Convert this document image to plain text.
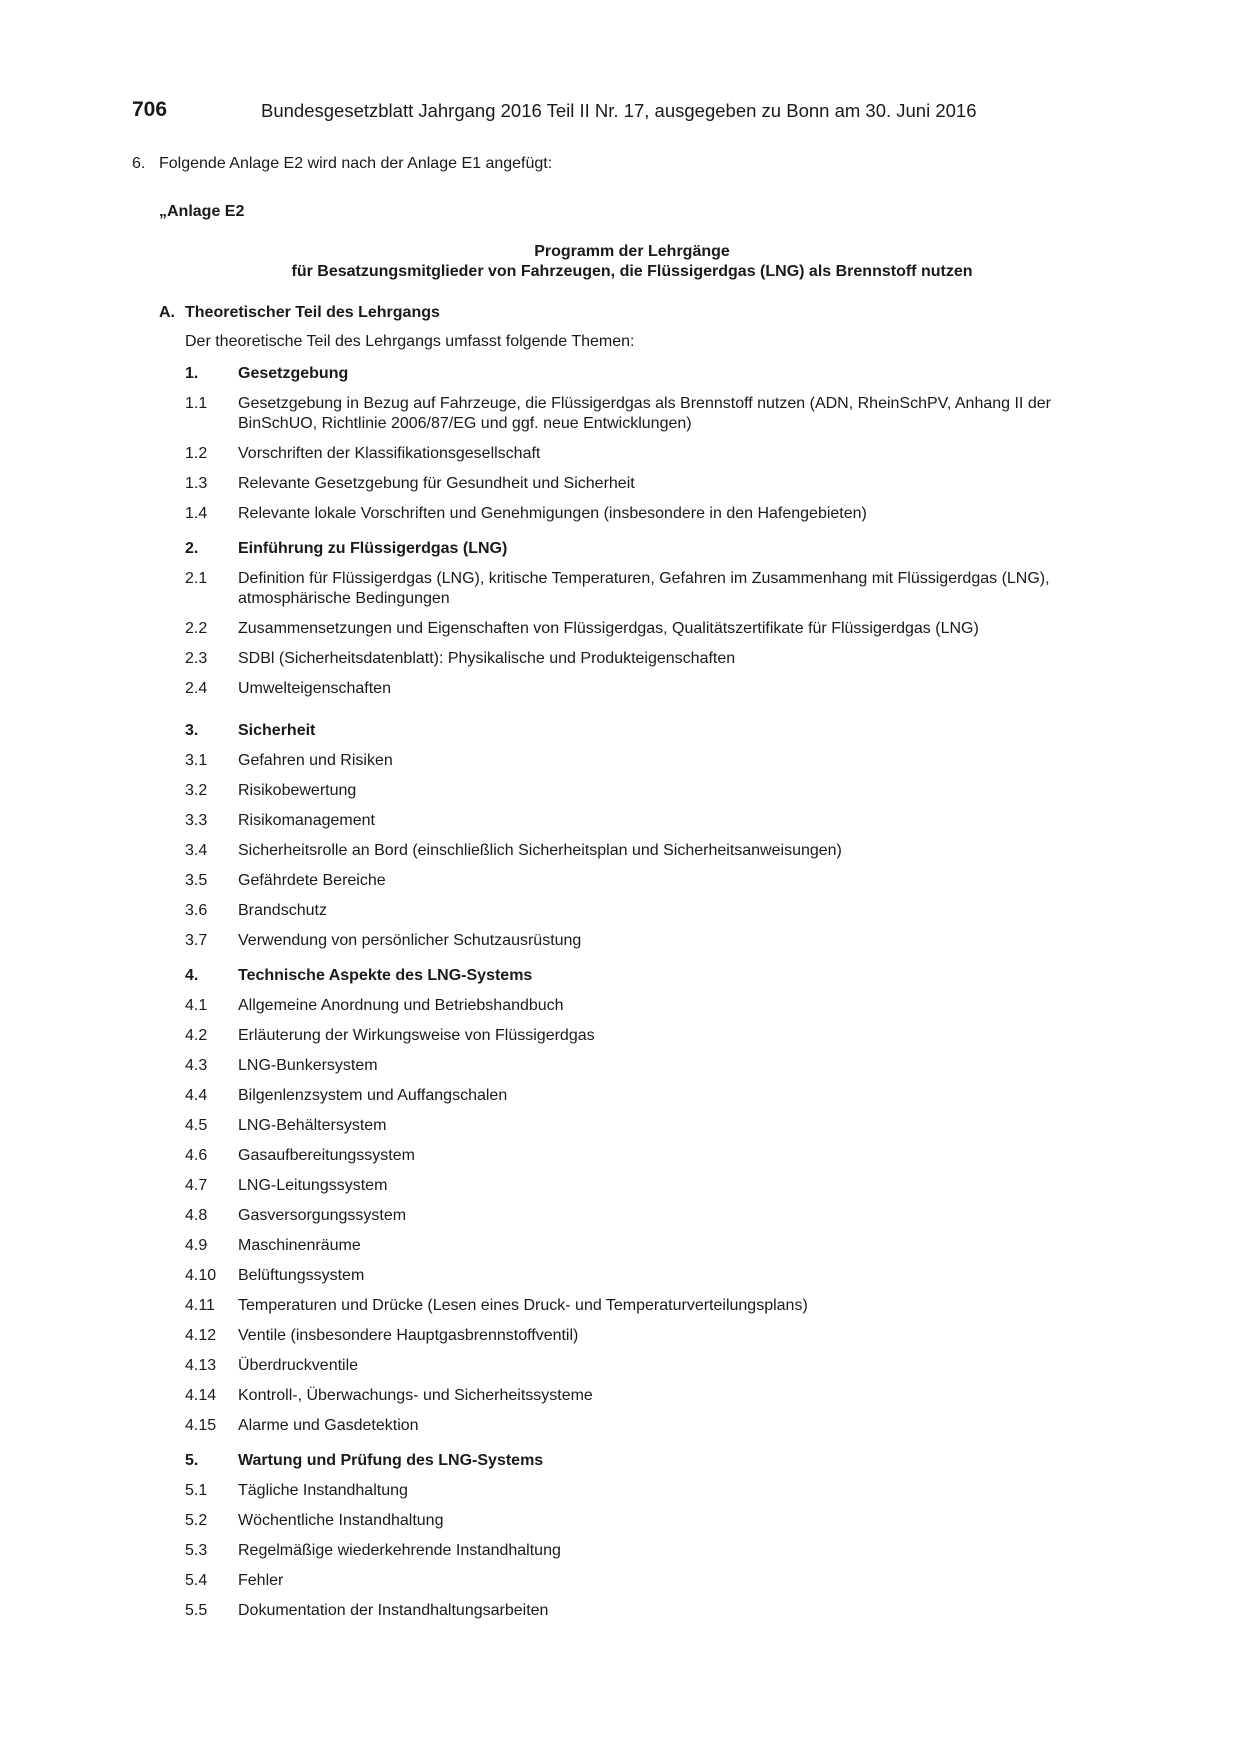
706	Bundesgesetzblatt Jahrgang 2016 Teil II Nr. 17, ausgegeben zu Bonn am 30. Juni 2016
6. Folgende Anlage E2 wird nach der Anlage E1 angefügt:
„Anlage E2
Programm der Lehrgänge
für Besatzungsmitglieder von Fahrzeugen, die Flüssigerdgas (LNG) als Brennstoff nutzen
A. Theoretischer Teil des Lehrgangs
Der theoretische Teil des Lehrgangs umfasst folgende Themen:
1.	Gesetzgebung
1.1	Gesetzgebung in Bezug auf Fahrzeuge, die Flüssigerdgas als Brennstoff nutzen (ADN, RheinSchPV, Anhang II der BinSchUO, Richtlinie 2006/87/EG und ggf. neue Entwicklungen)
1.2	Vorschriften der Klassifikationsgesellschaft
1.3	Relevante Gesetzgebung für Gesundheit und Sicherheit
1.4	Relevante lokale Vorschriften und Genehmigungen (insbesondere in den Hafengebieten)
2.	Einführung zu Flüssigerdgas (LNG)
2.1	Definition für Flüssigerdgas (LNG), kritische Temperaturen, Gefahren im Zusammenhang mit Flüssigerdgas (LNG), atmosphärische Bedingungen
2.2	Zusammensetzungen und Eigenschaften von Flüssigerdgas, Qualitätszertifikate für Flüssigerdgas (LNG)
2.3	SDBl (Sicherheitsdatenblatt): Physikalische und Produkteigenschaften
2.4	Umwelteigenschaften
3.	Sicherheit
3.1	Gefahren und Risiken
3.2	Risikobewertung
3.3	Risikomanagement
3.4	Sicherheitsrolle an Bord (einschließlich Sicherheitsplan und Sicherheitsanweisungen)
3.5	Gefährdete Bereiche
3.6	Brandschutz
3.7	Verwendung von persönlicher Schutzausrüstung
4.	Technische Aspekte des LNG-Systems
4.1	Allgemeine Anordnung und Betriebshandbuch
4.2	Erläuterung der Wirkungsweise von Flüssigerdgas
4.3	LNG-Bunkersystem
4.4	Bilgenlenzsystem und Auffangschalen
4.5	LNG-Behältersystem
4.6	Gasaufbereitungssystem
4.7	LNG-Leitungssystem
4.8	Gasversorgungssystem
4.9	Maschinenräume
4.10	Belüftungssystem
4.11	Temperaturen und Drücke (Lesen eines Druck- und Temperaturverteilungsplans)
4.12	Ventile (insbesondere Hauptgasbrennstoffventil)
4.13	Überdruckventile
4.14	Kontroll-, Überwachungs- und Sicherheitssysteme
4.15	Alarme und Gasdetektion
5.	Wartung und Prüfung des LNG-Systems
5.1	Tägliche Instandhaltung
5.2	Wöchentliche Instandhaltung
5.3	Regelmäßige wiederkehrende Instandhaltung
5.4	Fehler
5.5	Dokumentation der Instandhaltungsarbeiten
